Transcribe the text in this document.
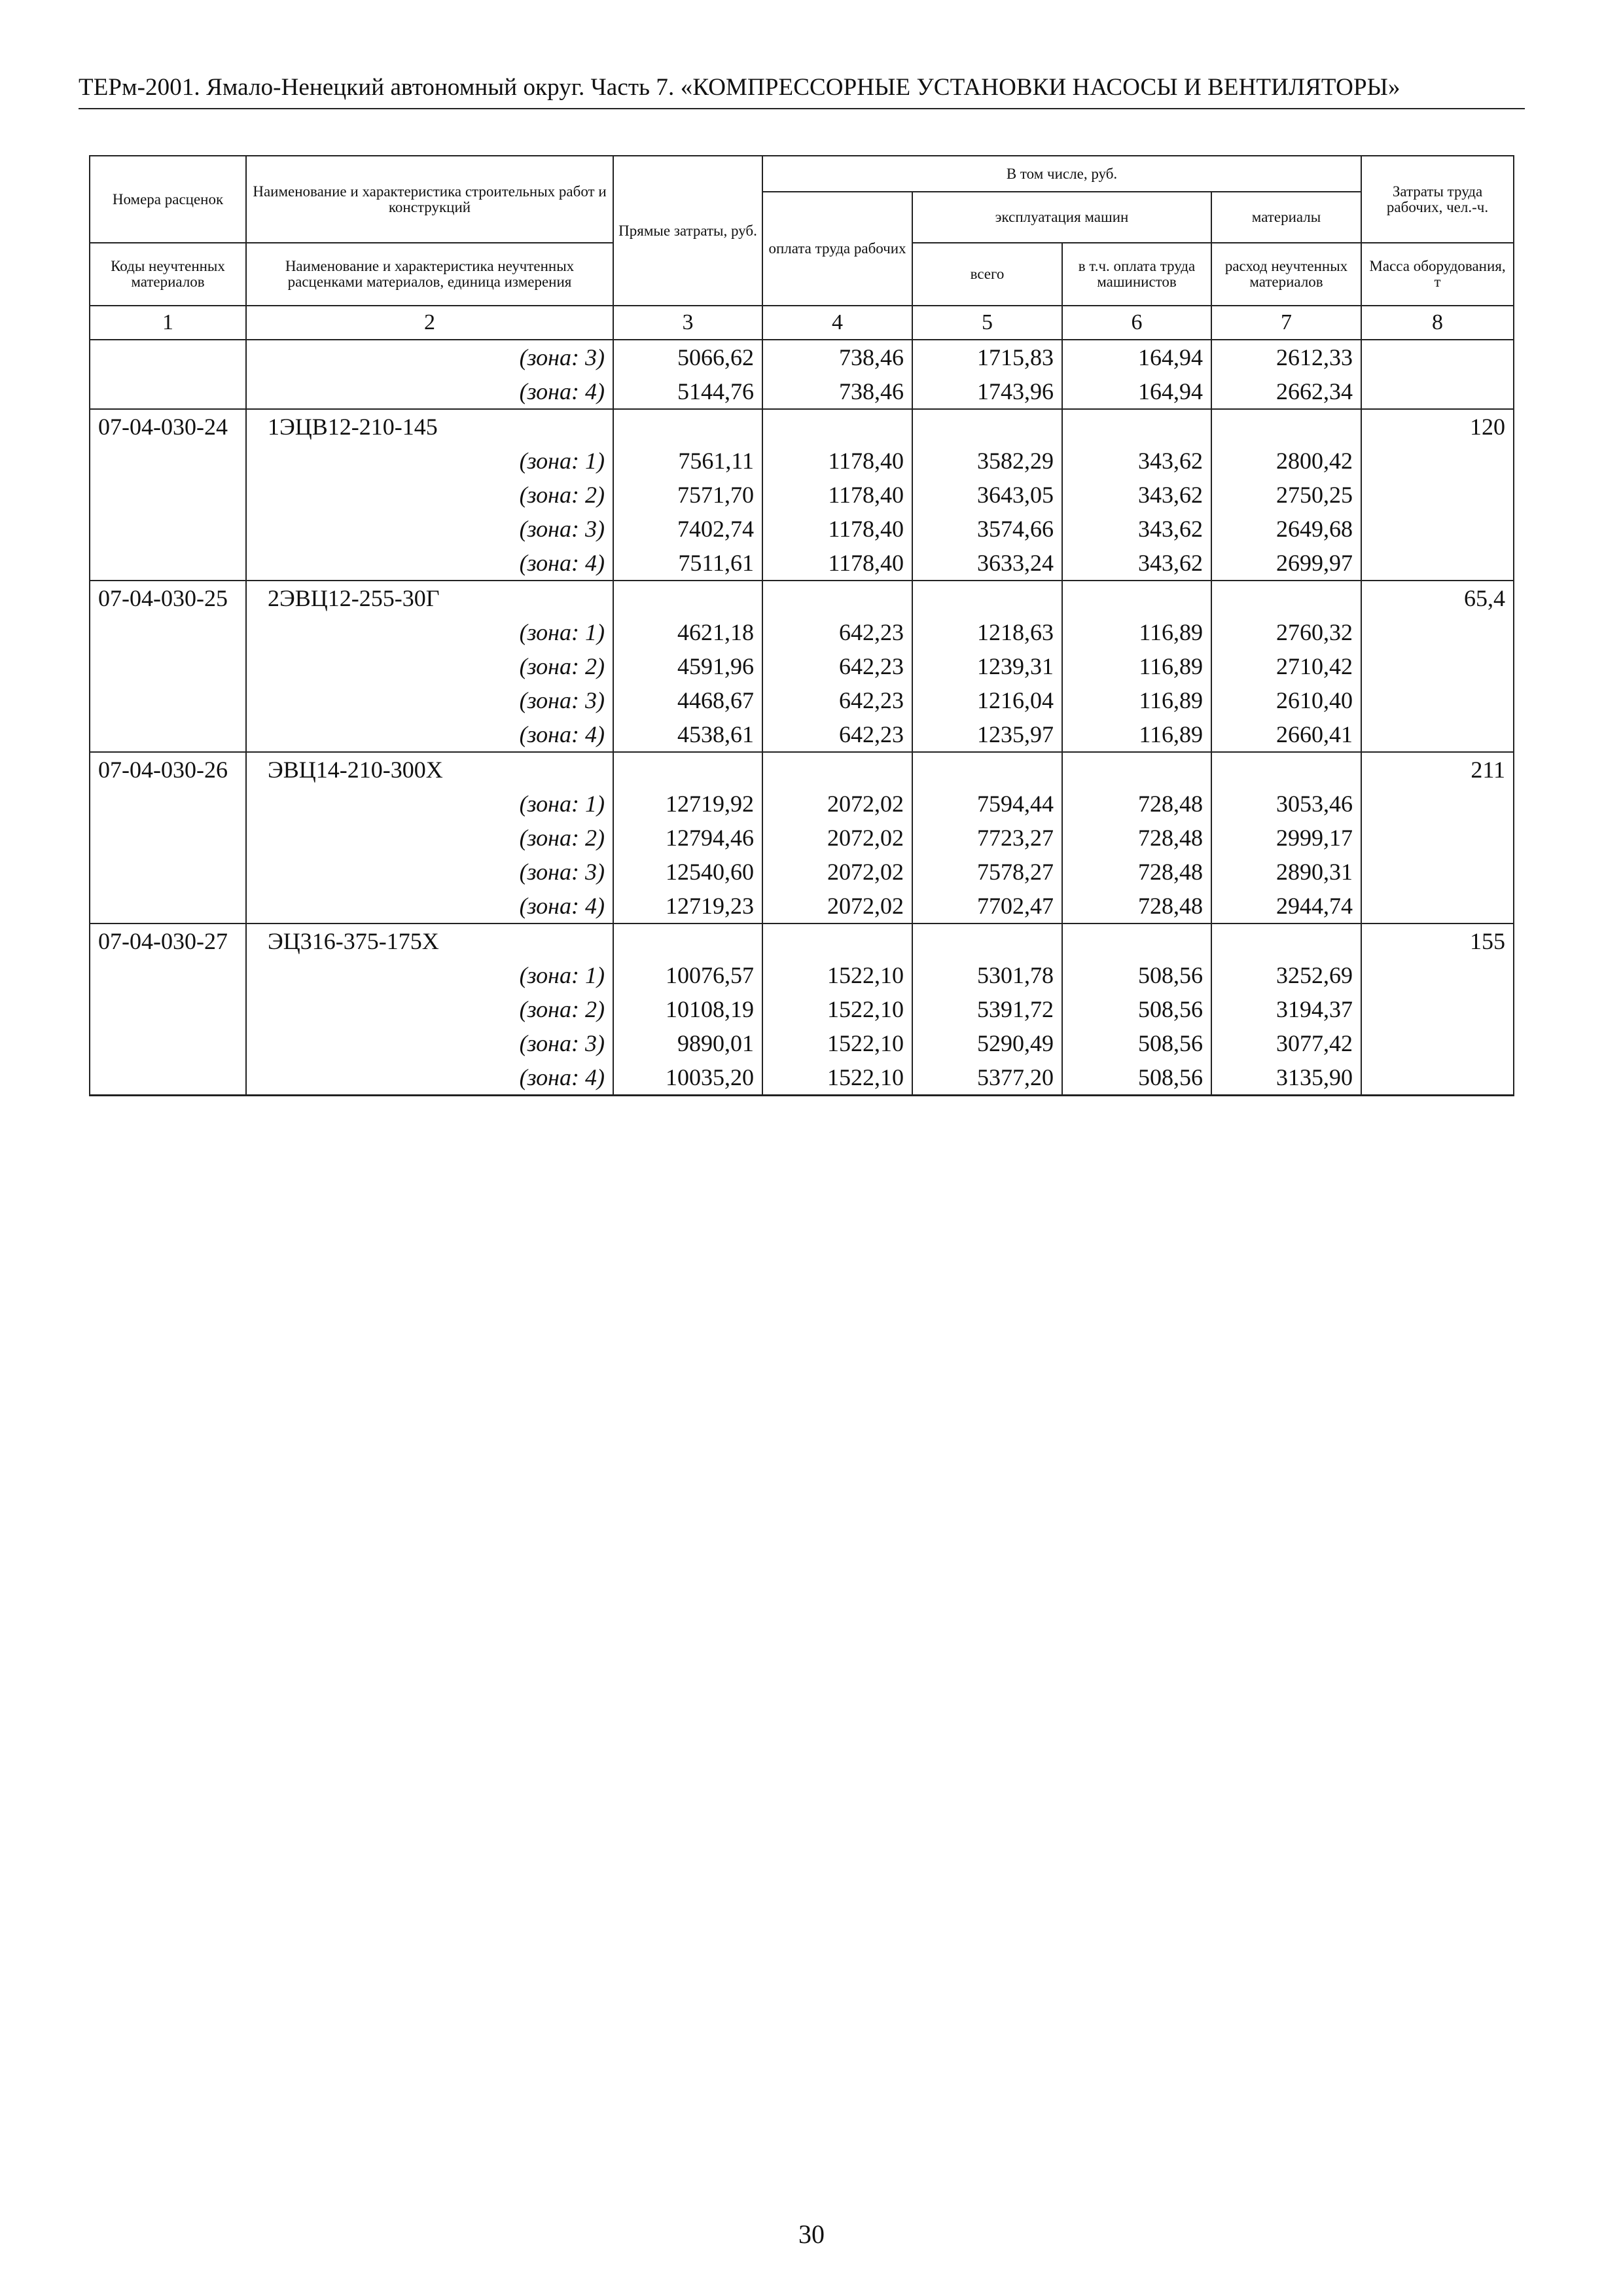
ТЕРм-2001. Ямало-Ненецкий автономный округ. Часть 7. «КОМПРЕССОРНЫЕ УСТАНОВКИ НАСОСЫ И ВЕНТИЛЯТОРЫ»
Номера расценок	Наименование и характеристика строительных работ и конструкций	Прямые затраты, руб.	В том числе, руб.				Затраты труда рабочих, чел.-ч.
			оплата труда рабочих	эксплуатация машин		материалы	
Коды неучтенных материалов	Наименование и характеристика неучтенных расценками материалов, единица измерения			всего	в т.ч. оплата труда машинистов	расход неучтенных материалов	Масса оборудования, т
1	2	3	4	5	6	7	8
	(зона: 3)	5066,62	738,46	1715,83	164,94	2612,33	
	(зона: 4)	5144,76	738,46	1743,96	164,94	2662,34	
07-04-030-24	1ЭЦВ12-210-145						120
	(зона: 1)	7561,11	1178,40	3582,29	343,62	2800,42	
	(зона: 2)	7571,70	1178,40	3643,05	343,62	2750,25	
	(зона: 3)	7402,74	1178,40	3574,66	343,62	2649,68	
	(зона: 4)	7511,61	1178,40	3633,24	343,62	2699,97	
07-04-030-25	2ЭВЦ12-255-30Г						65,4
	(зона: 1)	4621,18	642,23	1218,63	116,89	2760,32	
	(зона: 2)	4591,96	642,23	1239,31	116,89	2710,42	
	(зона: 3)	4468,67	642,23	1216,04	116,89	2610,40	
	(зона: 4)	4538,61	642,23	1235,97	116,89	2660,41	
07-04-030-26	ЭВЦ14-210-300Х						211
	(зона: 1)	12719,92	2072,02	7594,44	728,48	3053,46	
	(зона: 2)	12794,46	2072,02	7723,27	728,48	2999,17	
	(зона: 3)	12540,60	2072,02	7578,27	728,48	2890,31	
	(зона: 4)	12719,23	2072,02	7702,47	728,48	2944,74	
07-04-030-27	ЭЦ316-375-175Х						155
	(зона: 1)	10076,57	1522,10	5301,78	508,56	3252,69	
	(зона: 2)	10108,19	1522,10	5391,72	508,56	3194,37	
	(зона: 3)	9890,01	1522,10	5290,49	508,56	3077,42	
	(зона: 4)	10035,20	1522,10	5377,20	508,56	3135,90	
30
